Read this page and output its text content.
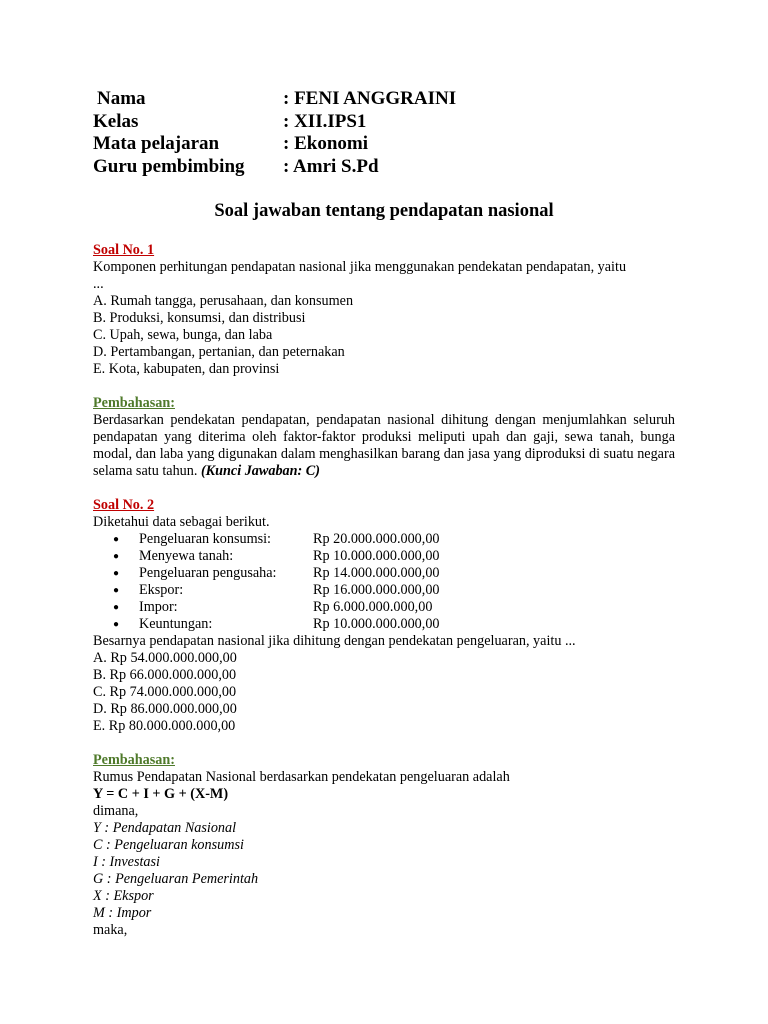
Nama	: FENI ANGGRAINI
Kelas	: XII.IPS1
Mata pelajaran	: Ekonomi
Guru pembimbing	: Amri S.Pd
Soal jawaban tentang pendapatan nasional
Soal No. 1
Komponen perhitungan pendapatan nasional jika menggunakan pendekatan pendapatan, yaitu
...
A. Rumah tangga, perusahaan, dan konsumen
B. Produksi, konsumsi, dan distribusi
C. Upah, sewa, bunga, dan laba
D. Pertambangan, pertanian, dan peternakan
E. Kota, kabupaten, dan provinsi
Pembahasan:
Berdasarkan pendekatan pendapatan, pendapatan nasional dihitung dengan menjumlahkan seluruh pendapatan yang diterima oleh faktor-faktor produksi meliputi upah dan gaji, sewa tanah, bunga modal, dan laba yang digunakan dalam menghasilkan barang dan jasa yang diproduksi di suatu negara selama satu tahun. (Kunci Jawaban: C)
Soal No. 2
Diketahui data sebagai berikut.
●	Pengeluaran konsumsi:	Rp 20.000.000.000,00
●	Menyewa tanah:	Rp 10.000.000.000,00
●	Pengeluaran pengusaha:	Rp 14.000.000.000,00
●	Ekspor:	Rp 16.000.000.000,00
●	Impor:	Rp 6.000.000.000,00
●	Keuntungan:	Rp 10.000.000.000,00
Besarnya pendapatan nasional jika dihitung dengan pendekatan pengeluaran, yaitu ...
A. Rp 54.000.000.000,00
B. Rp 66.000.000.000,00
C. Rp 74.000.000.000,00
D. Rp 86.000.000.000,00
E. Rp 80.000.000.000,00
Pembahasan:
Rumus Pendapatan Nasional berdasarkan pendekatan pengeluaran adalah
Y = C + I + G + (X-M)
dimana,
Y : Pendapatan Nasional
C : Pengeluaran konsumsi
I : Investasi
G : Pengeluaran Pemerintah
X : Ekspor
M : Impor
maka,
